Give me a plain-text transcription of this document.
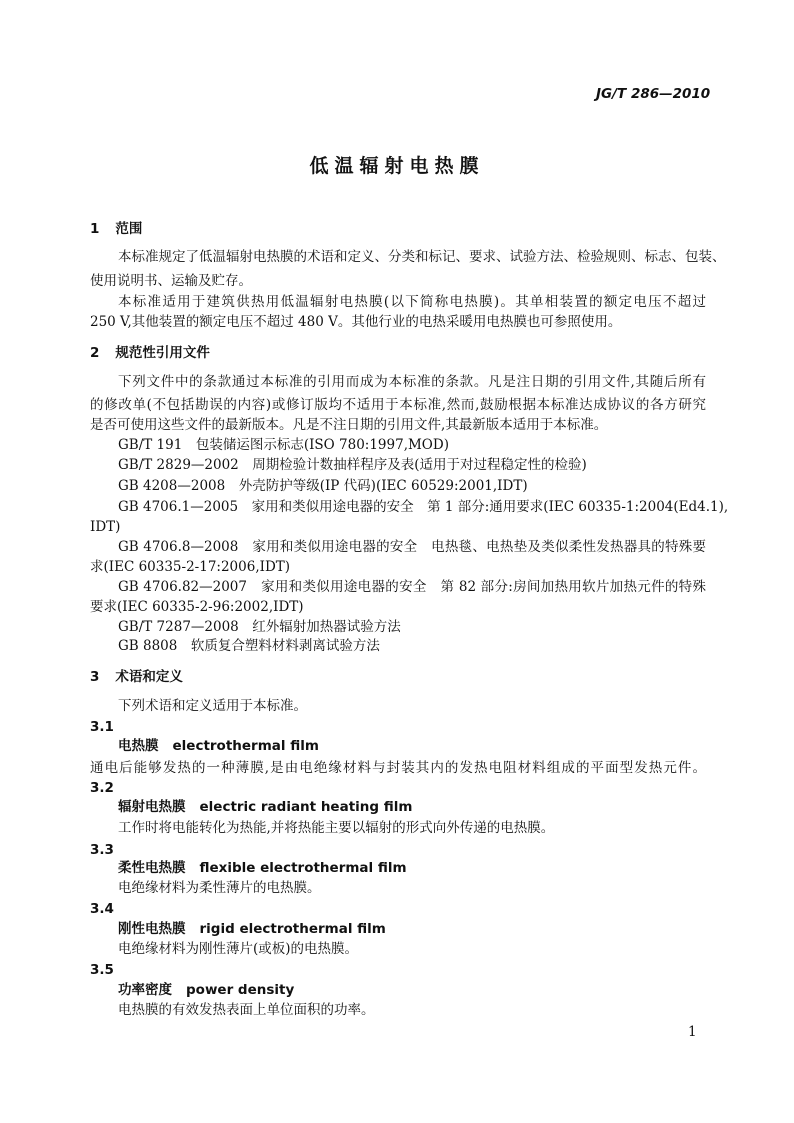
JG/T 286—2010
低温辐射电热膜
1 范围
本标准规定了低温辐射电热膜的术语和定义、分类和标记、要求、试验方法、检验规则、标志、包装、
使用说明书、运输及贮存。
本标准适用于建筑供热用低温辐射电热膜(以下简称电热膜)。其单相装置的额定电压不超过
250 V,其他装置的额定电压不超过 480 V。其他行业的电热采暖用电热膜也可参照使用。
2 规范性引用文件
下列文件中的条款通过本标准的引用而成为本标准的条款。凡是注日期的引用文件,其随后所有
的修改单(不包括勘误的内容)或修订版均不适用于本标准,然而,鼓励根据本标准达成协议的各方研究
是否可使用这些文件的最新版本。凡是不注日期的引用文件,其最新版本适用于本标准。
GB/T 191　包装储运图示标志(ISO 780:1997,MOD)
GB/T 2829—2002　周期检验计数抽样程序及表(适用于对过程稳定性的检验)
GB 4208—2008　外壳防护等级(IP 代码)(IEC 60529:2001,IDT)
GB 4706.1—2005　家用和类似用途电器的安全　第 1 部分:通用要求(IEC 60335-1:2004(Ed4.1),
IDT)
GB 4706.8—2008　家用和类似用途电器的安全　电热毯、电热垫及类似柔性发热器具的特殊要
求(IEC 60335-2-17:2006,IDT)
GB 4706.82—2007　家用和类似用途电器的安全　第 82 部分:房间加热用软片加热元件的特殊
要求(IEC 60335-2-96:2002,IDT)
GB/T 7287—2008　红外辐射加热器试验方法
GB 8808　软质复合塑料材料剥离试验方法
3 术语和定义
下列术语和定义适用于本标准。
3.1
电热膜 electrothermal film
通电后能够发热的一种薄膜,是由电绝缘材料与封装其内的发热电阻材料组成的平面型发热元件。
3.2
辐射电热膜 electric radiant heating film
工作时将电能转化为热能,并将热能主要以辐射的形式向外传递的电热膜。
3.3
柔性电热膜 flexible electrothermal film
电绝缘材料为柔性薄片的电热膜。
3.4
刚性电热膜 rigid electrothermal film
电绝缘材料为刚性薄片(或板)的电热膜。
3.5
功率密度 power density
电热膜的有效发热表面上单位面积的功率。
1
